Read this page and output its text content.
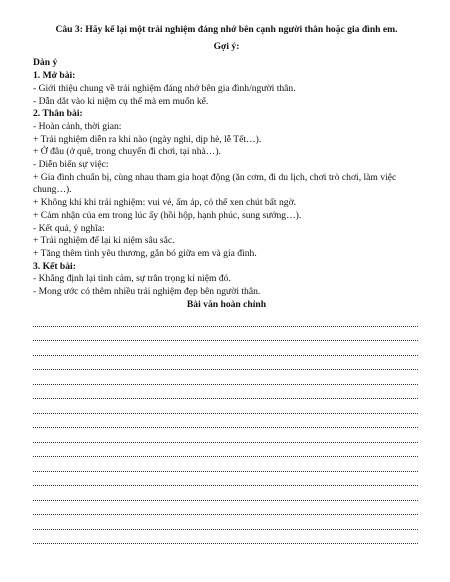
Câu 3: Hãy kể lại một trải nghiệm đáng nhớ bên cạnh người thân hoặc gia đình em.
Gợi ý:
Dàn ý
1. Mở bài:
- Giới thiệu chung về trải nghiệm đáng nhớ bên gia đình/người thân.
- Dẫn dắt vào kỉ niệm cụ thể mà em muốn kể.
2. Thân bài:
- Hoàn cảnh, thời gian:
+ Trải nghiệm diễn ra khi nào (ngày nghỉ, dịp hè, lễ Tết…).
+ Ở đâu (ở quê, trong chuyến đi chơi, tại nhà…).
- Diễn biến sự việc:
+ Gia đình chuẩn bị, cùng nhau tham gia hoạt động (ăn cơm, đi du lịch, chơi trò chơi, làm việc chung…).
+ Không khí khi trải nghiệm: vui vẻ, ấm áp, có thể xen chút bất ngờ.
+ Cảm nhận của em trong lúc ấy (hồi hộp, hạnh phúc, sung sướng…).
- Kết quả, ý nghĩa:
+ Trải nghiệm để lại kỉ niệm sâu sắc.
+ Tăng thêm tình yêu thương, gắn bó giữa em và gia đình.
3. Kết bài:
- Khẳng định lại tình cảm, sự trân trọng kỉ niệm đó.
- Mong ước có thêm nhiều trải nghiệm đẹp bên người thân.
Bài văn hoàn chỉnh
